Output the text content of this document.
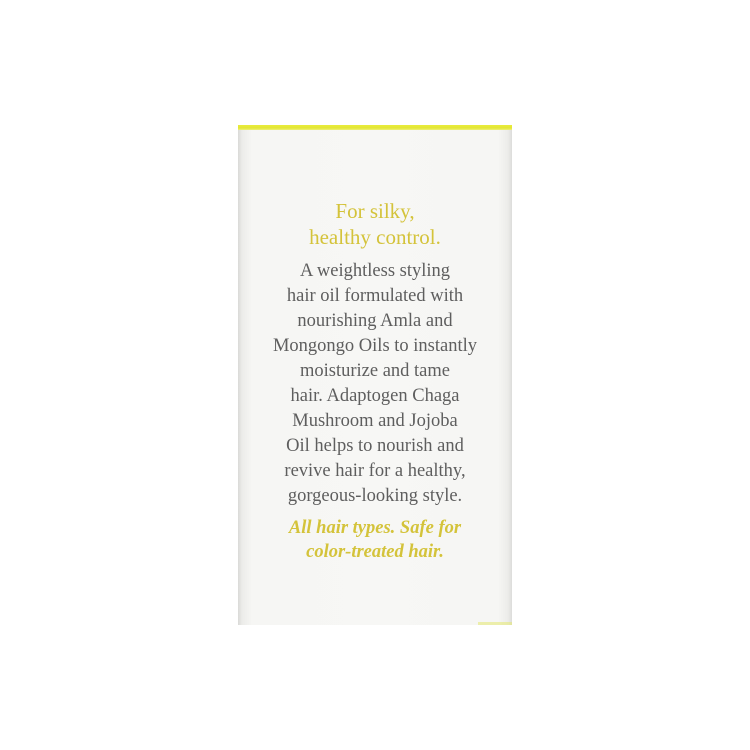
For silky,
healthy control.
A weightless styling
hair oil formulated with
nourishing Amla and
Mongongo Oils to instantly
moisturize and tame
hair. Adaptogen Chaga
Mushroom and Jojoba
Oil helps to nourish and
revive hair for a healthy,
gorgeous-looking style.
All hair types. Safe for
color-treated hair.
